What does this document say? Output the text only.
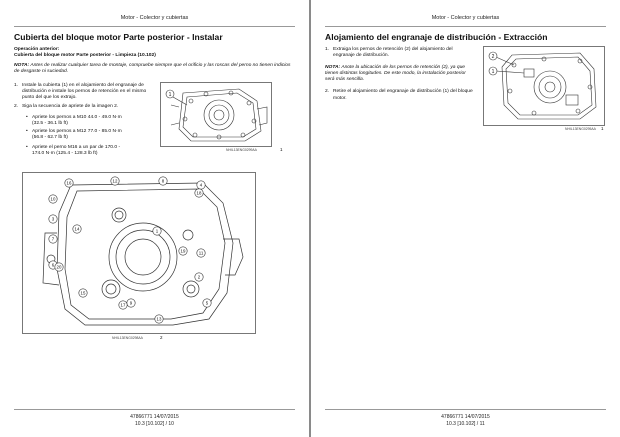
Motor - Colector y cubiertas
Cubierta del bloque motor Parte posterior - Instalar

Operación anterior:

Cubierta del bloque motor Parte posterior - Limpieza (10.102)

NOTA: Antes de realizar cualquier tarea de montaje, compruebe siempre que el orificio y las roscas del perno no tienen indicios de desgaste ni suciedad.

1. Instale la cubierta (1) en el alojamiento del engranaje de distribución e instale los pernos de retención en el mismo punto del que los extrajo.
2. Siga la secuencia de apriete de la imagen 2.
• Apriete los pernos a M10 44.0 - 49.0 N·m (32.5 - 36.1 lb ft)
• Apriete los pernos a M12 77.0 - 85.0 N·m (56.8 - 62.7 lb ft)
• Apriete el perno M16 a un par de 170.0 - 174.0 N·m (125.4 - 128.3 lb ft)
1
NHIL13ENG0299AA	1
16	12	8
4
10
14
18
3
1
7
11
19
6
2
9
15
17
13
5
20
NHIL13ENG0298AA	2
47866771 14/07/2015
10.3 [10.102] / 10
Motor - Colector y cubiertas
Alojamiento del engranaje de distribución - Extracción
1. Extraiga los pernos de retención (2) del alojamiento del engranaje de distribución.
NOTA: Anote la ubicación de los pernos de retención (2), ya que tienen distintas longitudes. De este modo, la instalación posterior será más sencilla.
2. Retire el alojamiento del engranaje de distribución (1) del bloque motor.
2
1
NHIL13ENG0295AA 1
47866771 14/07/2015
10.3 [10.102] / 11
